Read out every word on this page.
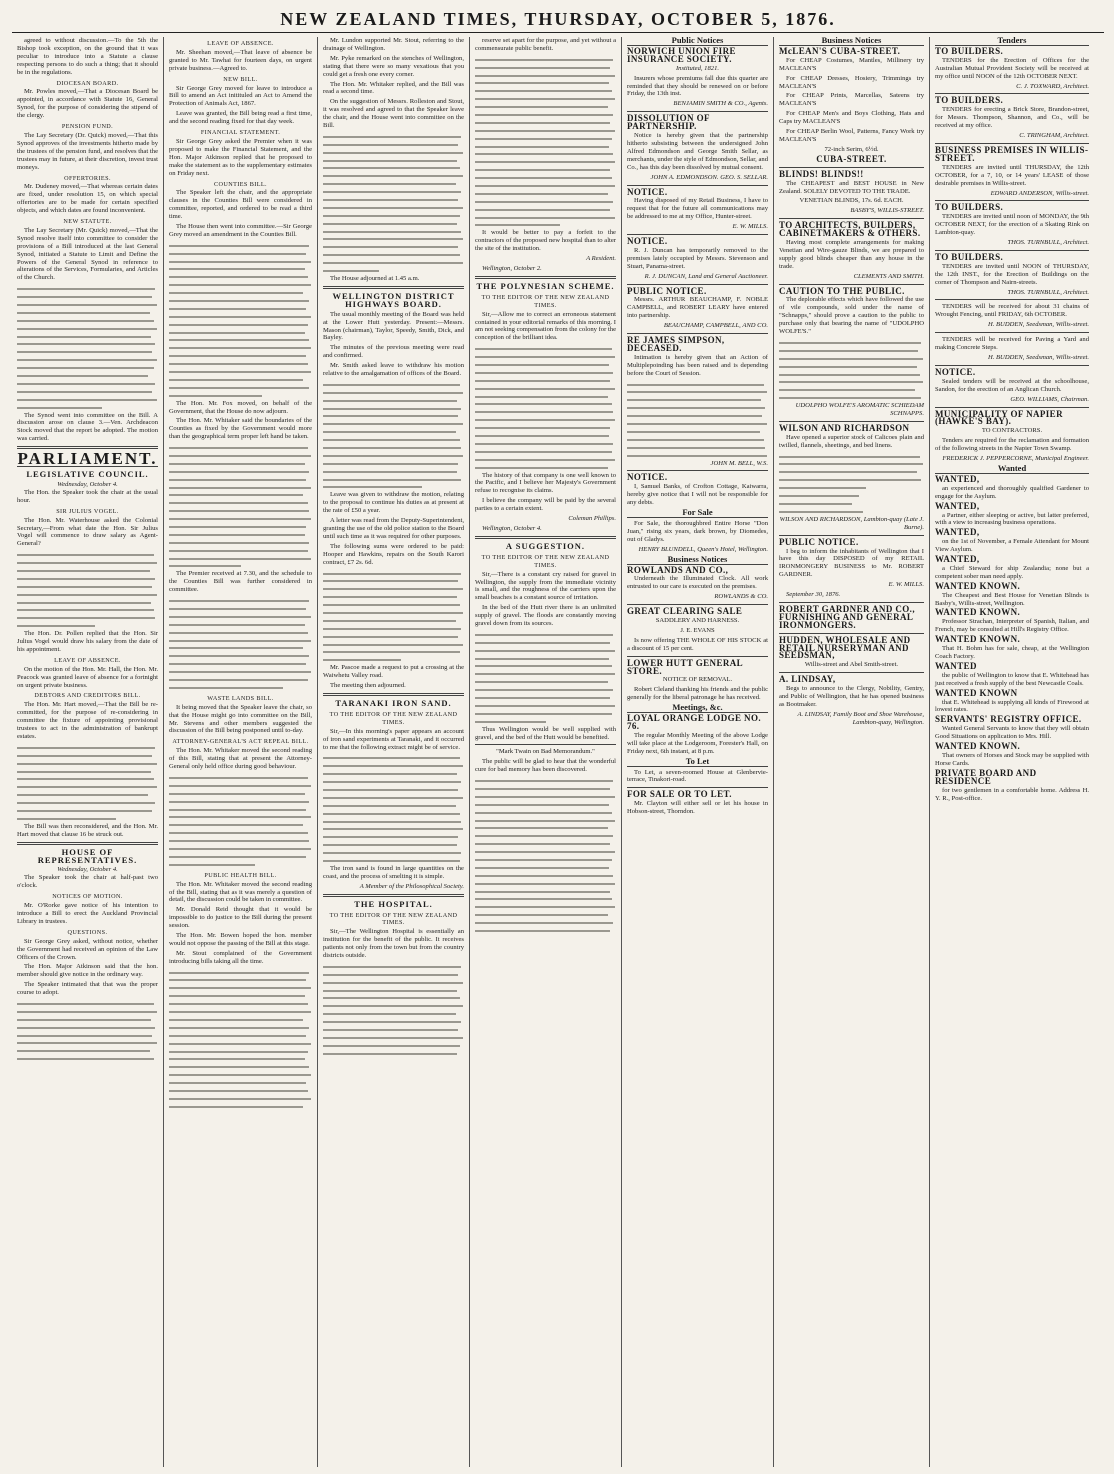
NEW ZEALAND TIMES, THURSDAY, OCTOBER 5, 1876.

agreed to without discussion.—To the 5th the Bishop took exception, on the ground that it was peculiar to introduce into a Statute a clause respecting persons to do such a thing; that it should be in the regulations.

DIOCESAN BOARD.

Mr. Powles moved,—That a Diocesan Board be appointed, in accordance with Statute 16, General Synod, for the purpose of considering the stipend of the clergy.

PENSION FUND.

The Lay Secretary (Dr. Quick) moved,—That this Synod approves of the investments hitherto made by the trustees of the pension fund, and resolves that the trustees may in future, at their discretion, invest trust moneys.

OFFERTORIES.

Mr. Dudeney moved,—That whereas certain dates are fixed, under resolution 15, on which special offertories are to be made for certain specified objects, and which dates are found inconvenient.

NEW STATUTE.

The Lay Secretary (Mr. Quick) moved,—That the Synod resolve itself into committee to consider the provisions of a Bill introduced at the last General Synod, initiated a Statute to Limit and Define the Powers of the General Synod in reference to alterations of the Services, Formularies, and Articles of the Church.

The Synod went into committee on the Bill. A discussion arose on clause 3.—Ven. Archdeacon Stock moved that the report be adopted. The motion was carried.

PARLIAMENT.
LEGISLATIVE COUNCIL.
Wednesday, October 4.

The Hon. the Speaker took the chair at the usual hour.

SIR JULIUS VOGEL.

The Hon. Mr. Waterhouse asked the Colonial Secretary,—From what date the Hon. Sir Julius Vogel will commence to draw salary as Agent-General?

The Hon. Dr. Pollen replied that the Hon. Sir Julius Vogel would draw his salary from the date of his appointment.

LEAVE OF ABSENCE.

On the motion of the Hon. Mr. Hall, the Hon. Mr. Peacock was granted leave of absence for a fortnight on urgent private business.

DEBTORS AND CREDITORS BILL.

The Hon. Mr. Hart moved,—That the Bill be re-committed, for the purpose of re-considering in committee the fixture of appointing provisional trustees to act in the administration of bankrupt estates.

The Bill was then reconsidered, and the Hon. Mr. Hart moved that clause 16 be struck out.

HOUSE OF REPRESENTATIVES.
Wednesday, October 4.

The Speaker took the chair at half-past two o'clock.

NOTICES OF MOTION.

Mr. O'Rorke gave notice of his intention to introduce a Bill to erect the Auckland Provincial Library in trustees.

QUESTIONS.

Sir George Grey asked, without notice, whether the Government had received an opinion of the Law Officers of the Crown.

The Hon. Major Atkinson said that the hon. member should give notice in the ordinary way.

The Speaker intimated that that was the proper course to adopt.

LEAVE OF ABSENCE.

Mr. Sheehan moved,—That leave of absence be granted to Mr. Tawhai for fourteen days, on urgent private business.—Agreed to.

NEW BILL.

Sir George Grey moved for leave to introduce a Bill to amend an Act initituled an Act to Amend the Protection of Animals Act, 1867.

Leave was granted, the Bill being read a first time, and the second reading fixed for that day week.

FINANCIAL STATEMENT.

Sir George Grey asked the Premier when it was proposed to make the Financial Statement, and the Hon. Major Atkinson replied that he proposed to make the statement as to the supplementary estimates on Friday next.

COUNTIES BILL.

The Speaker left the chair, and the appropriate clauses in the Counties Bill were considered in committee, reported, and ordered to be read a third time.

The House then went into committee.—Sir George Grey moved an amendment in the Counties Bill.

The Hon. Mr. Fox moved, on behalf of the Government, that the House do now adjourn.

The Hon. Mr. Whitaker said the boundaries of the Counties as fixed by the Government would more than the geographical term proper left hand be taken.

The Premier received at 7.30, and the schedule to the Counties Bill was further considered in committee.

WASTE LANDS BILL.

It being moved that the Speaker leave the chair, so that the House might go into committee on the Bill, Mr. Stevens and other members suggested the discussion of the Bill being postponed until to-day.

ATTORNEY-GENERAL'S ACT REPEAL BILL.

The Hon. Mr. Whitaker moved the second reading of this Bill, stating that at present the Attorney-General only held office during good behaviour.

PUBLIC HEALTH BILL.

The Hon. Mr. Whitaker moved the second reading of the Bill, stating that as it was merely a question of detail, the discussion could be taken in committee.

Mr. Donald Reid thought that it would be impossible to do justice to the Bill during the present session.

The Hon. Mr. Bowen hoped the hon. member would not oppose the passing of the Bill at this stage.

Mr. Stout complained of the Government introducing bills taking all the time.

Mr. Lundon supported Mr. Stout, referring to the drainage of Wellington.

Mr. Pyke remarked on the stenches of Wellington, stating that there were so many vexatious that you could get a fresh one every corner.

The Hon. Mr. Whitaker replied, and the Bill was read a second time.

On the suggestion of Messrs. Rolleston and Stout, it was resolved and agreed to that the Speaker leave the chair, and the House went into committee on the Bill.

The House adjourned at 1.45 a.m.

WELLINGTON DISTRICT HIGHWAYS BOARD.

The usual monthly meeting of the Board was held at the Lower Hutt yesterday. Present:—Messrs. Mason (chairman), Taylor, Speedy, Smith, Dick, and Bayley.

The minutes of the previous meeting were read and confirmed.

Mr. Smith asked leave to withdraw his motion relative to the amalgamation of offices of the Board.

Leave was given to withdraw the motion, relating to the proposal to continue his duties as at present at the rate of £50 a year.

A letter was read from the Deputy-Superintendent, granting the use of the old police station to the Board until such time as it was required for other purposes.

The following sums were ordered to be paid: Hooper and Hawkins, repairs on the South Karori contract, £7 2s. 6d.

Mr. Pascoe made a request to put a crossing at the Waiwhetu Valley road.

The meeting then adjourned.

TARANAKI IRON SAND.
TO THE EDITOR OF THE NEW ZEALAND TIMES.

Sir,—In this morning's paper appears an account of iron sand experiments at Taranaki, and it occurred to me that the following extract might be of service.

The iron sand is found in large quantities on the coast, and the process of smelting it is simple.

A Member of the Philosophical Society.

THE HOSPITAL.
TO THE EDITOR OF THE NEW ZEALAND TIMES.

Sir,—The Wellington Hospital is essentially an institution for the benefit of the public. It receives patients not only from the town but from the country districts outside.

reserve set apart for the purpose, and yet without a commensurate public benefit.

It would be better to pay a forfeit to the contractors of the proposed new hospital than to alter the site of the institution.

A Resident.

Wellington, October 2.

THE POLYNESIAN SCHEME.
TO THE EDITOR OF THE NEW ZEALAND TIMES.

Sir,—Allow me to correct an erroneous statement contained in your editorial remarks of this morning. I am not seeking compensation from the colony for the conception of the brilliant idea.

The history of that company is one well known to the Pacific, and I believe her Majesty's Government refuse to recognise its claims.

I believe the company will be paid by the several parties to a certain extent.

Coleman Phillips.

Wellington, October 4.

A SUGGESTION.
TO THE EDITOR OF THE NEW ZEALAND TIMES.

Sir,—There is a constant cry raised for gravel in Wellington, the supply from the immediate vicinity is small, and the roughness of the carriers upon the small beaches is a constant source of irritation.

In the bed of the Hutt river there is an unlimited supply of gravel. The floods are constantly moving gravel down from its sources.

Thus Wellington would be well supplied with gravel, and the bed of the Hutt would be benefited.

"Mark Twain on Bad Memorandum."

The public will be glad to hear that the wonderful cure for bad memory has been discovered.

Public Notices

NORWICH UNION FIRE INSURANCE SOCIETY.

Instituted, 1821.

Insurers whose premiums fall due this quarter are reminded that they should be renewed on or before Friday, the 13th inst.

BENJAMIN SMITH & CO., Agents.

DISSOLUTION OF PARTNERSHIP.

Notice is hereby given that the partnership hitherto subsisting between the undersigned John Alfred Edmondson and George Smith Sellar, as merchants, under the style of Edmondson, Sellar, and Co., has this day been dissolved by mutual consent.

JOHN A. EDMONDSON. GEO. S. SELLAR.

NOTICE.

Having disposed of my Retail Business, I have to request that for the future all communications may be addressed to me at my Office, Hunter-street.

E. W. MILLS.

NOTICE.

R. J. Duncan has temporarily removed to the premises lately occupied by Messrs. Stevenson and Stuart, Panama-street.

R. J. DUNCAN, Land and General Auctioneer.

PUBLIC NOTICE.

Messrs. ARTHUR BEAUCHAMP, F. NOBLE CAMPBELL, and ROBERT LEARY have entered into partnership.

BEAUCHAMP, CAMPBELL, AND CO.

RE JAMES SIMPSON, DECEASED.

Intimation is hereby given that an Action of Multiplepoinding has been raised and is depending before the Court of Session.

JOHN M. BELL, W.S.

NOTICE.

I, Samuel Banks, of Crofton Cottage, Kaiwarra, hereby give notice that I will not be responsible for any debts.

For Sale

For Sale, the thoroughbred Entire Horse "Don Juan," rising six years, dark brown, by Diomedes, out of Gladys.

HENRY BLUNDELL, Queen's Hotel, Wellington.

Business Notices

ROWLANDS AND CO.,

Underneath the Illuminated Clock. All work entrusted to our care is executed on the premises.

ROWLANDS & CO.

GREAT CLEARING SALE

SADDLERY AND HARNESS.

J. E. EVANS

Is now offering THE WHOLE OF HIS STOCK at a discount of 15 per cent.

LOWER HUTT GENERAL STORE.

NOTICE OF REMOVAL.

Robert Cleland thanking his friends and the public generally for the liberal patronage he has received.

Meetings, &c.

LOYAL ORANGE LODGE NO. 76.

The regular Monthly Meeting of the above Lodge will take place at the Lodgeroom, Forester's Hall, on Friday next, 6th instant, at 8 p.m.

To Let

To Let, a seven-roomed House at Glenbervie-terrace, Tinakori-road.

FOR SALE OR TO LET.

Mr. Clayton will either sell or let his house in Hobson-street, Thorndon.

Business Notices

McLEAN'S CUBA-STREET.

For CHEAP Costumes, Mantles, Millinery try MACLEAN'S

For CHEAP Dresses, Hosiery, Trimmings try MACLEAN'S

For CHEAP Prints, Marcellas, Sateens try MACLEAN'S

For CHEAP Men's and Boys Clothing, Hats and Caps try MACLEAN'S

For CHEAP Berlin Wool, Patterns, Fancy Work try MACLEAN'S

72-inch Serim, 6½d.

CUBA-STREET.

BLINDS! BLINDS!!

The CHEAPEST and BEST HOUSE in New Zealand. SOLELY DEVOTED TO THE TRADE.

VENETIAN BLINDS, 17s. 6d. EACH.

BASBY'S, WILLIS-STREET.

TO ARCHITECTS, BUILDERS, CABINETMAKERS & OTHERS.

Having most complete arrangements for making Venetian and Wire-gauze Blinds, we are prepared to supply good blinds cheaper than any house in the trade.

CLEMENTS AND SMITH.

CAUTION TO THE PUBLIC.

The deplorable effects which have followed the use of vile compounds, sold under the name of "Schnapps," should prove a caution to the public to purchase only that bearing the name of "UDOLPHO WOLFE'S."

UDOLPHO WOLFE'S AROMATIC SCHIEDAM SCHNAPPS.

WILSON AND RICHARDSON

Have opened a superior stock of Calicoes plain and twilled, flannels, sheetings, and bed linens.

WILSON AND RICHARDSON, Lambton-quay (Late J. Burne).

PUBLIC NOTICE.

I beg to inform the inhabitants of Wellington that I have this day DISPOSED of my RETAIL IRONMONGERY BUSINESS to Mr. ROBERT GARDNER.

E. W. MILLS.

September 30, 1876.

ROBERT GARDNER AND CO., FURNISHING AND GENERAL IRONMONGERS.

HUDDEN, WHOLESALE AND RETAIL NURSERYMAN AND SEEDSMAN,

Willis-street and Abel Smith-street.

A. LINDSAY,

Begs to announce to the Clergy, Nobility, Gentry, and Public of Wellington, that he has opened business as Bootmaker.

A. LINDSAY, Family Boot and Shoe Warehouse, Lambton-quay, Wellington.

Tenders

TO BUILDERS.

TENDERS for the Erection of Offices for the Australian Mutual Provident Society will be received at my office until NOON of the 12th OCTOBER NEXT.

C. J. TOXWARD, Architect.

TO BUILDERS.

TENDERS for erecting a Brick Store, Brandon-street, for Messrs. Thompson, Shannon, and Co., will be received at my office.

C. TRINGHAM, Architect.

BUSINESS PREMISES IN WILLIS-STREET.

TENDERS are invited until THURSDAY, the 12th OCTOBER, for a 7, 10, or 14 years' LEASE of those desirable premises in Willis-street.

EDWARD ANDERSON, Willis-street.

TO BUILDERS.

TENDERS are invited until noon of MONDAY, the 9th OCTOBER NEXT, for the erection of a Skating Rink on Lambton-quay.

THOS. TURNBULL, Architect.

TO BUILDERS.

TENDERS are invited until NOON of THURSDAY, the 12th INST., for the Erection of Buildings on the corner of Thompson and Nairn-streets.

THOS. TURNBULL, Architect.

TENDERS will be received for about 31 chains of Wrought Fencing, until FRIDAY, 6th OCTOBER.

H. BUDDEN, Seedsman, Willis-street.

TENDERS will be received for Paving a Yard and making Concrete Steps.

H. BUDDEN, Seedsman, Willis-street.

NOTICE.

Sealed tenders will be received at the schoolhouse, Sandon, for the erection of an Anglican Church.

GEO. WILLIAMS, Chairman.

MUNICIPALITY OF NAPIER (HAWKE'S BAY).

TO CONTRACTORS.

Tenders are required for the reclamation and formation of the following streets in the Napier Town Swamp.

FREDERICK J. PEPPERCORNE, Municipal Engineer.

Wanted

WANTED,

an experienced and thoroughly qualified Gardener to engage for the Asylum.

WANTED,

a Partner, either sleeping or active, but latter preferred, with a view to increasing business operations.

WANTED,

on the 1st of November, a Female Attendant for Mount View Asylum.

WANTED,

a Chief Steward for ship Zealandia; none but a competent sober man need apply.

WANTED KNOWN.

The Cheapest and Best House for Venetian Blinds is Basby's, Willis-street, Wellington.

WANTED KNOWN.

Professor Strachan, Interpreter of Spanish, Italian, and French, may be consulted at Hill's Registry Office.

WANTED KNOWN.

That H. Bohm has for sale, cheap, at the Wellington Coach Factory.

WANTED

the public of Wellington to know that E. Whitehead has just received a fresh supply of the best Newcastle Coals.

WANTED KNOWN

that E. Whitehead is supplying all kinds of Firewood at lowest rates.

SERVANTS' REGISTRY OFFICE.

Wanted General Servants to know that they will obtain Good Situations on application to Mrs. Hill.

WANTED KNOWN.

That owners of Horses and Stock may be supplied with Horse Cards.

PRIVATE BOARD AND RESIDENCE

for two gentlemen in a comfortable home. Address H. Y. R., Post-office.
